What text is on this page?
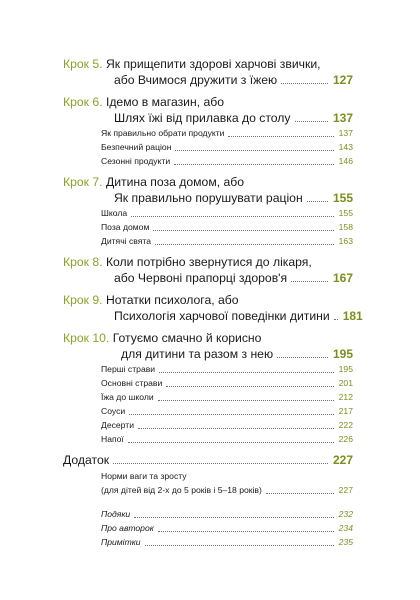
Крок 5. Як прищепити здорові харчові звички,
або Вчимося дружити з їжею	127
Крок 6. Ідемо в магазин, або
Шлях їжі від прилавка до столу	137
Як правильно обрати продукти	137
Безпечний раціон	143
Сезонні продукти	146
Крок 7. Дитина поза домом, або
Як правильно порушувати раціон	155
Школа	155
Поза домом	158
Дитячі свята	163
Крок 8. Коли потрібно звернутися до лікаря,
або Червоні прапорці здоров'я	167
Крок 9. Нотатки психолога, або
Психологія харчової поведінки дитини 181
Крок 10. Готуємо смачно й корисно
для дитини та разом з нею	195
Перші страви	195
Основні страви	201
Їжа до школи	212
Соуси	217
Десерти	222
Напої	226
Додаток	227
Норми ваги та зросту
(для дітей від 2-х до 5 років і 5–18 років)	227
Подяки	232
Про авторок	234
Примітки	235
